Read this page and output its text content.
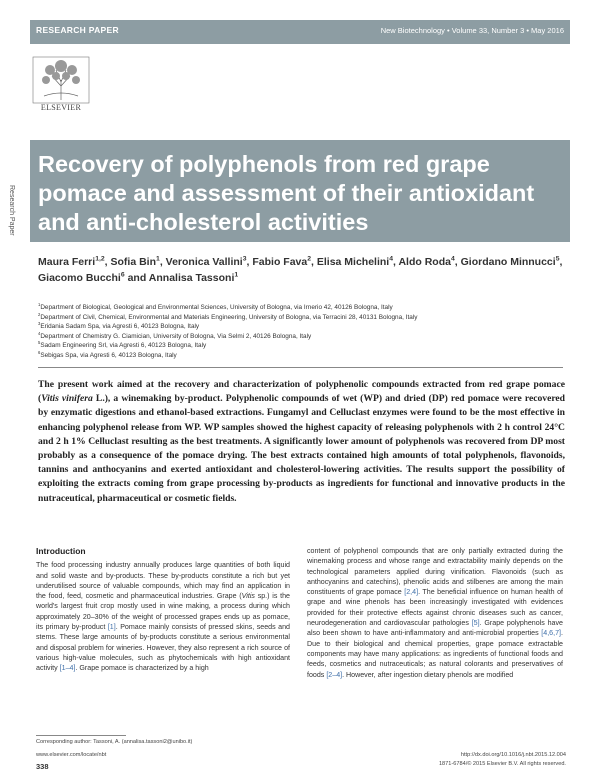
RESEARCH PAPER	New Biotechnology • Volume 33, Number 3 • May 2016
ELSEVIER
Research Paper
Recovery of polyphenols from red grape pomace and assessment of their antioxidant and anti-cholesterol activities
Maura Ferri$^{1,2}$, Sofia Bin$^1$, Veronica Vallini$^3$, Fabio Fava$^2$, Elisa Michelini$^4$, Aldo Roda$^4$, Giordano Minnucci$^5$, Giacomo Bucchi$^6$ and Annalisa Tassoni$^1$
$^1$Department of Biological, Geological and Environmental Sciences, University of Bologna, via Irnerio 42, 40126 Bologna, Italy
$^2$Department of Civil, Chemical, Environmental and Materials Engineering, University of Bologna, via Terracini 28, 40131 Bologna, Italy
$^3$Eridania Sadam Spa, via Agresti 6, 40123 Bologna, Italy
$^4$Department of Chemistry G. Ciamician, University of Bologna, Via Selmi 2, 40126 Bologna, Italy
$^5$Sadam Engineering Srl, via Agresti 6, 40123 Bologna, Italy
$^6$Sebigas Spa, via Agresti 6, 40123 Bologna, Italy
The present work aimed at the recovery and characterization of polyphenolic compounds extracted from red grape pomace (Vitis vinifera L.), a winemaking by-product. Polyphenolic compounds of wet (WP) and dried (DP) red pomace were recovered by enzymatic digestions and ethanol-based extractions. Fungamyl and Celluclast enzymes were found to be the most effective in enhancing polyphenol release from WP. WP samples showed the highest capacity of releasing polyphenols with 2 h control 24°C and 2 h 1% Celluclast resulting as the best treatments. A significantly lower amount of polyphenols was recovered from DP most probably as a consequence of the pomace drying. The best extracts contained high amounts of total polyphenols, flavonoids, tannins and anthocyanins and exerted antioxidant and cholesterol-lowering activities. The results support the possibility of exploiting the extracts coming from grape processing by-products as ingredients for functional and innovative products in the nutraceutical, pharmaceutical or cosmetic fields.
Introduction
The food processing industry annually produces large quantities of both liquid and solid waste and by-products. These by-products constitute a rich but yet underutilised source of valuable compounds, which may find an application in the food, feed, cosmetic and pharmaceutical industries. Grape (Vitis sp.) is the world's largest fruit crop mostly used in wine making, a process during which approximately 20–30% of the weight of processed grapes ends up as pomace, its primary by-product [1]. Pomace mainly consists of pressed skins, seeds and stems. These large amounts of by-products constitute a serious environmental and disposal problem for wineries. However, they also represent a rich source of various high-value molecules, such as phytochemicals with high antioxidant activity [1–4]. Grape pomace is characterized by a high
content of polyphenol compounds that are only partially extracted during the winemaking process and whose range and extractability mainly depends on the technological parameters applied during vinification. Flavonoids (such as anthocyanins and catechins), phenolic acids and stilbenes are among the main constituents of grape pomace [2,4]. The beneficial influence on human health of grape and wine phenols has been increasingly investigated with evidences provided for their protective effects against chronic diseases such as cancer, neurodegeneration and cardiovascular pathologies [5]. Grape polyphenols have also been shown to have anti-inflammatory and anti-microbial properties [4,6,7]. Due to their biological and chemical properties, grape pomace extractable components may have many applications: as ingredients of functional foods and feeds, cosmetics and nutraceuticals; as natural colorants and preservatives of foods [2–4]. However, after ingestion dietary phenols are modified
Corresponding author: Tassoni, A. (annalisa.tassoni2@unibo.it)
www.elsevier.com/locate/nbt
338
http://dx.doi.org/10.1016/j.nbt.2015.12.004
1871-6784/© 2015 Elsevier B.V. All rights reserved.
